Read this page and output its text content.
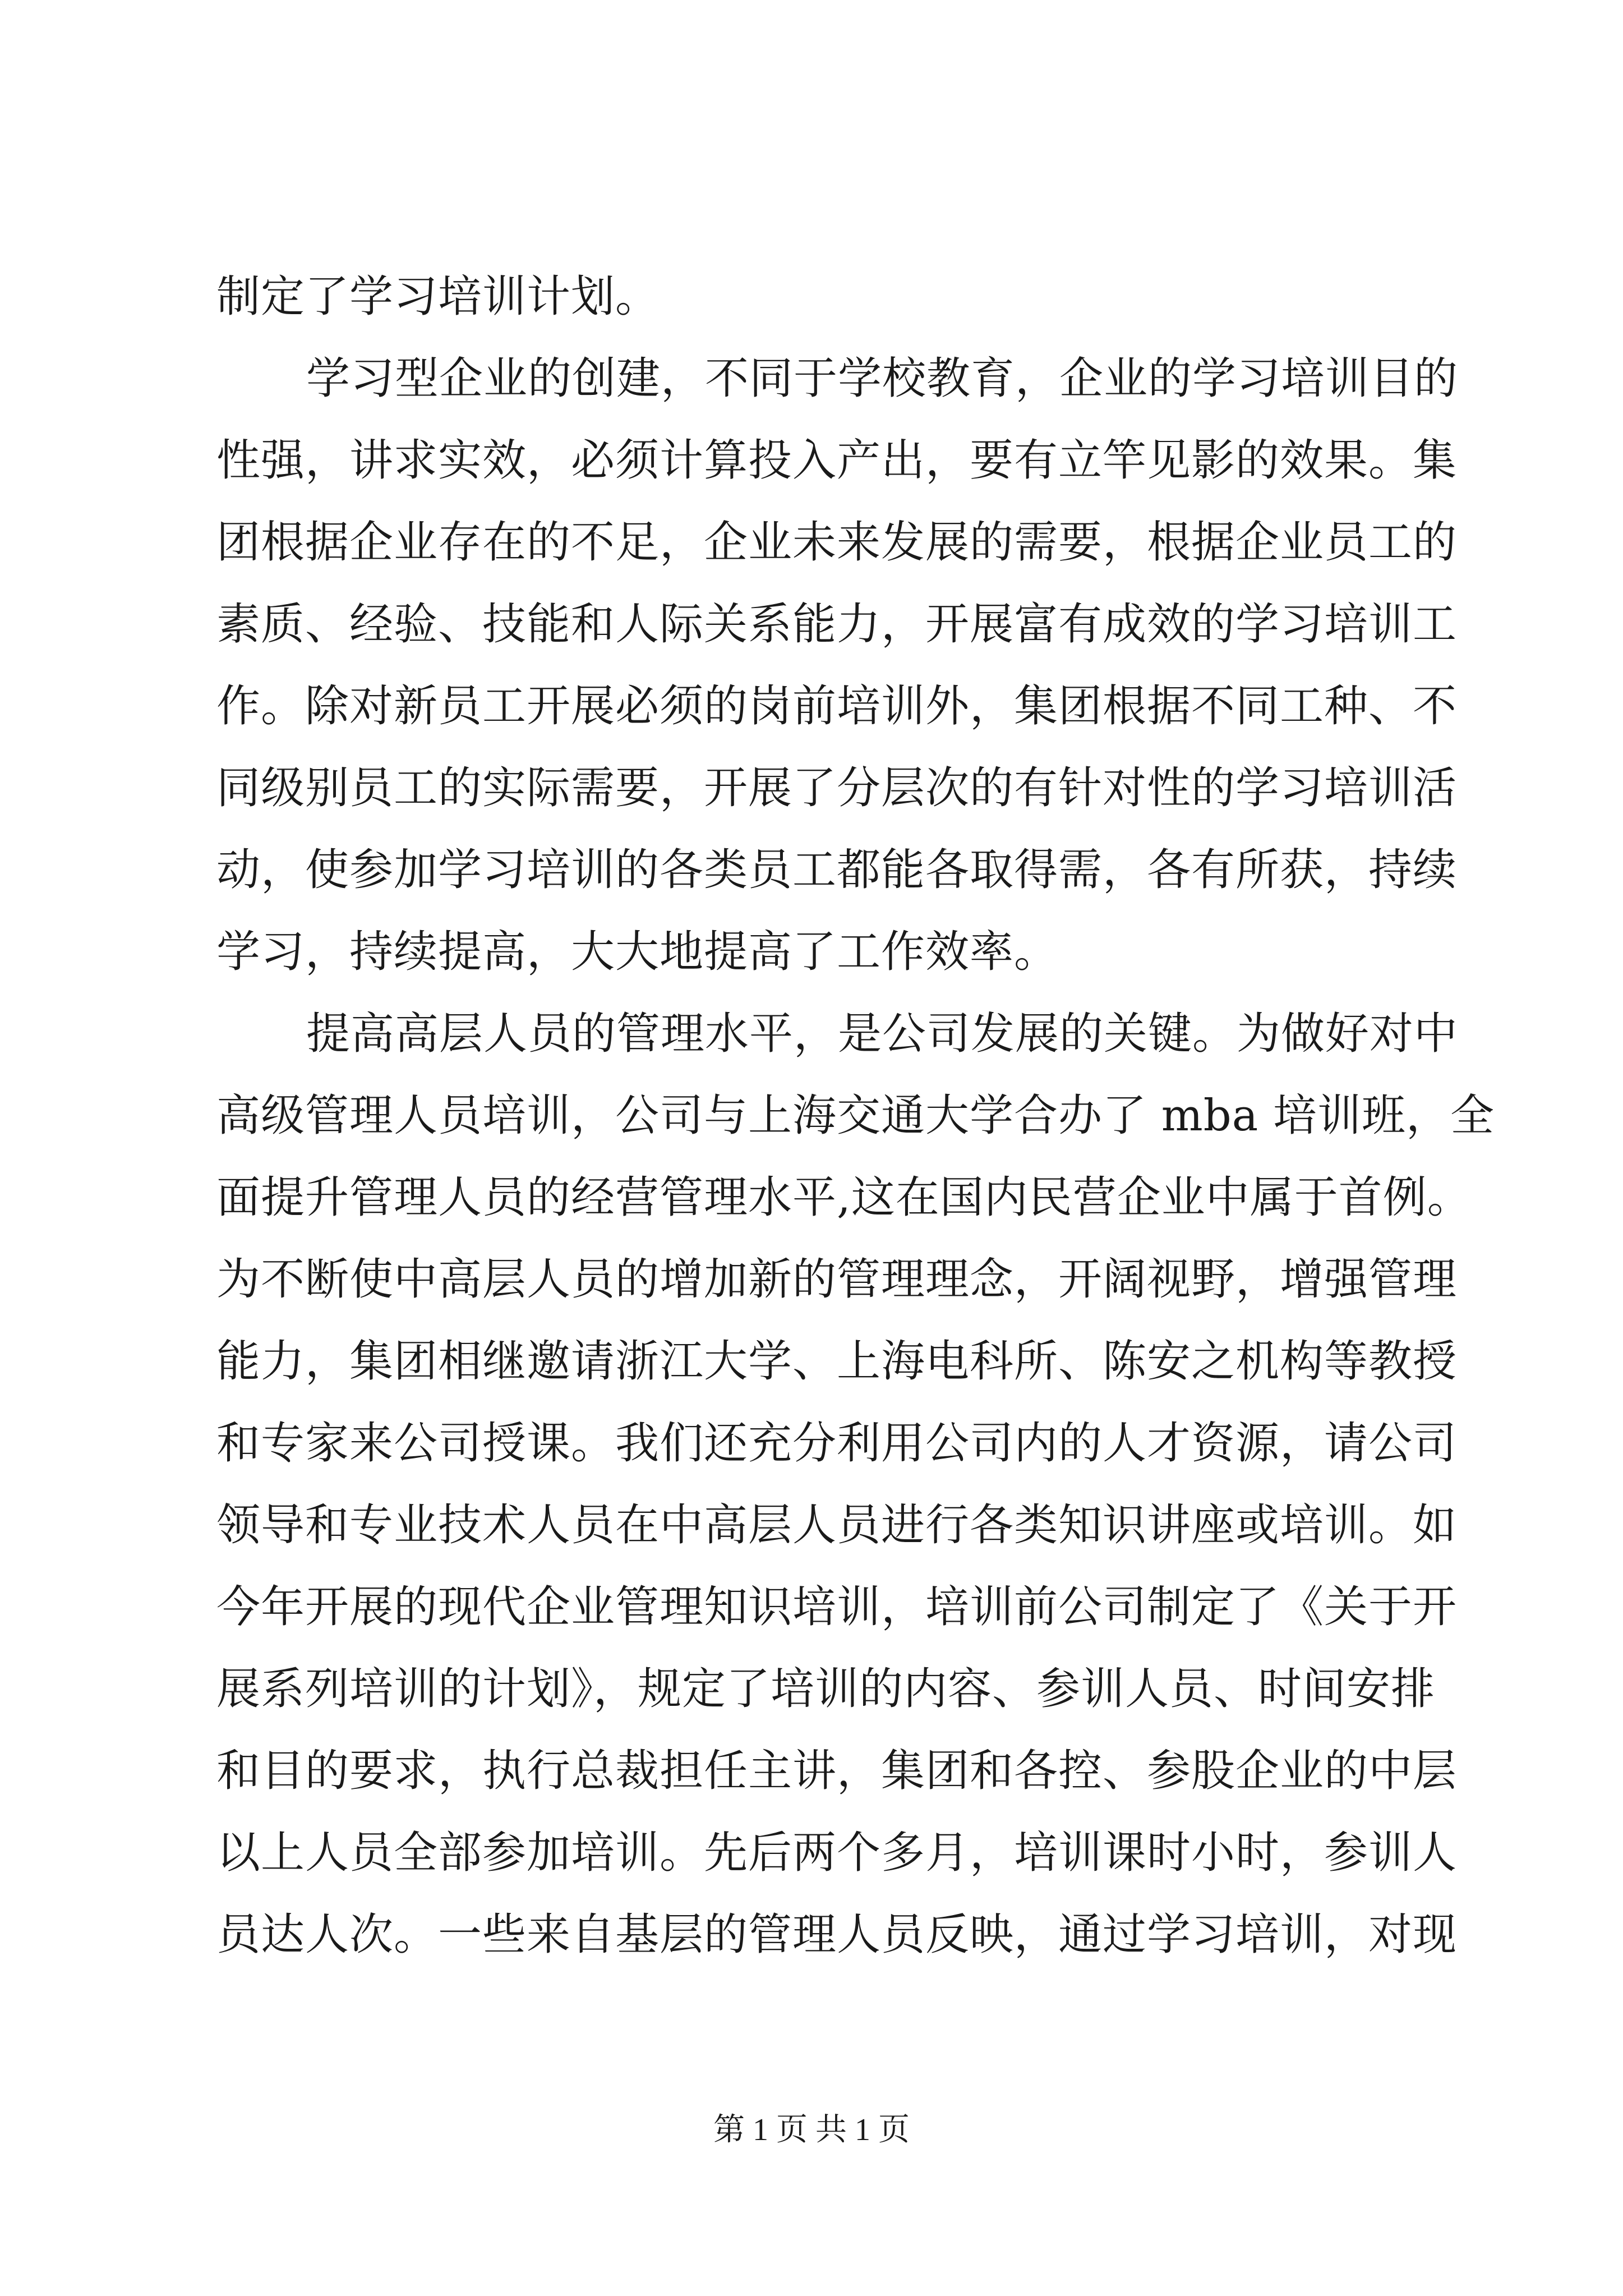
制定了学习培训计划。
学习型企业的创建，不同于学校教育，企业的学习培训目的
性强，讲求实效，必须计算投入产出，要有立竿见影的效果。集
团根据企业存在的不足，企业未来发展的需要，根据企业员工的
素质、经验、技能和人际关系能力，开展富有成效的学习培训工
作。除对新员工开展必须的岗前培训外，集团根据不同工种、不
同级别员工的实际需要，开展了分层次的有针对性的学习培训活
动，使参加学习培训的各类员工都能各取得需，各有所获，持续
学习，持续提高，大大地提高了工作效率。
提高高层人员的管理水平，是公司发展的关键。为做好对中
高级管理人员培训，公司与上海交通大学合办了 mba 培训班，全
面提升管理人员的经营管理水平,这在国内民营企业中属于首例。
为不断使中高层人员的增加新的管理理念，开阔视野，增强管理
能力，集团相继邀请浙江大学、上海电科所、陈安之机构等教授
和专家来公司授课。我们还充分利用公司内的人才资源，请公司
领导和专业技术人员在中高层人员进行各类知识讲座或培训。如
今年开展的现代企业管理知识培训，培训前公司制定了《关于开
展系列培训的计划》，规定了培训的内容、参训人员、时间安排
和目的要求，执行总裁担任主讲，集团和各控、参股企业的中层
以上人员全部参加培训。先后两个多月，培训课时小时，参训人
员达人次。一些来自基层的管理人员反映，通过学习培训，对现
第 1 页 共 1 页
